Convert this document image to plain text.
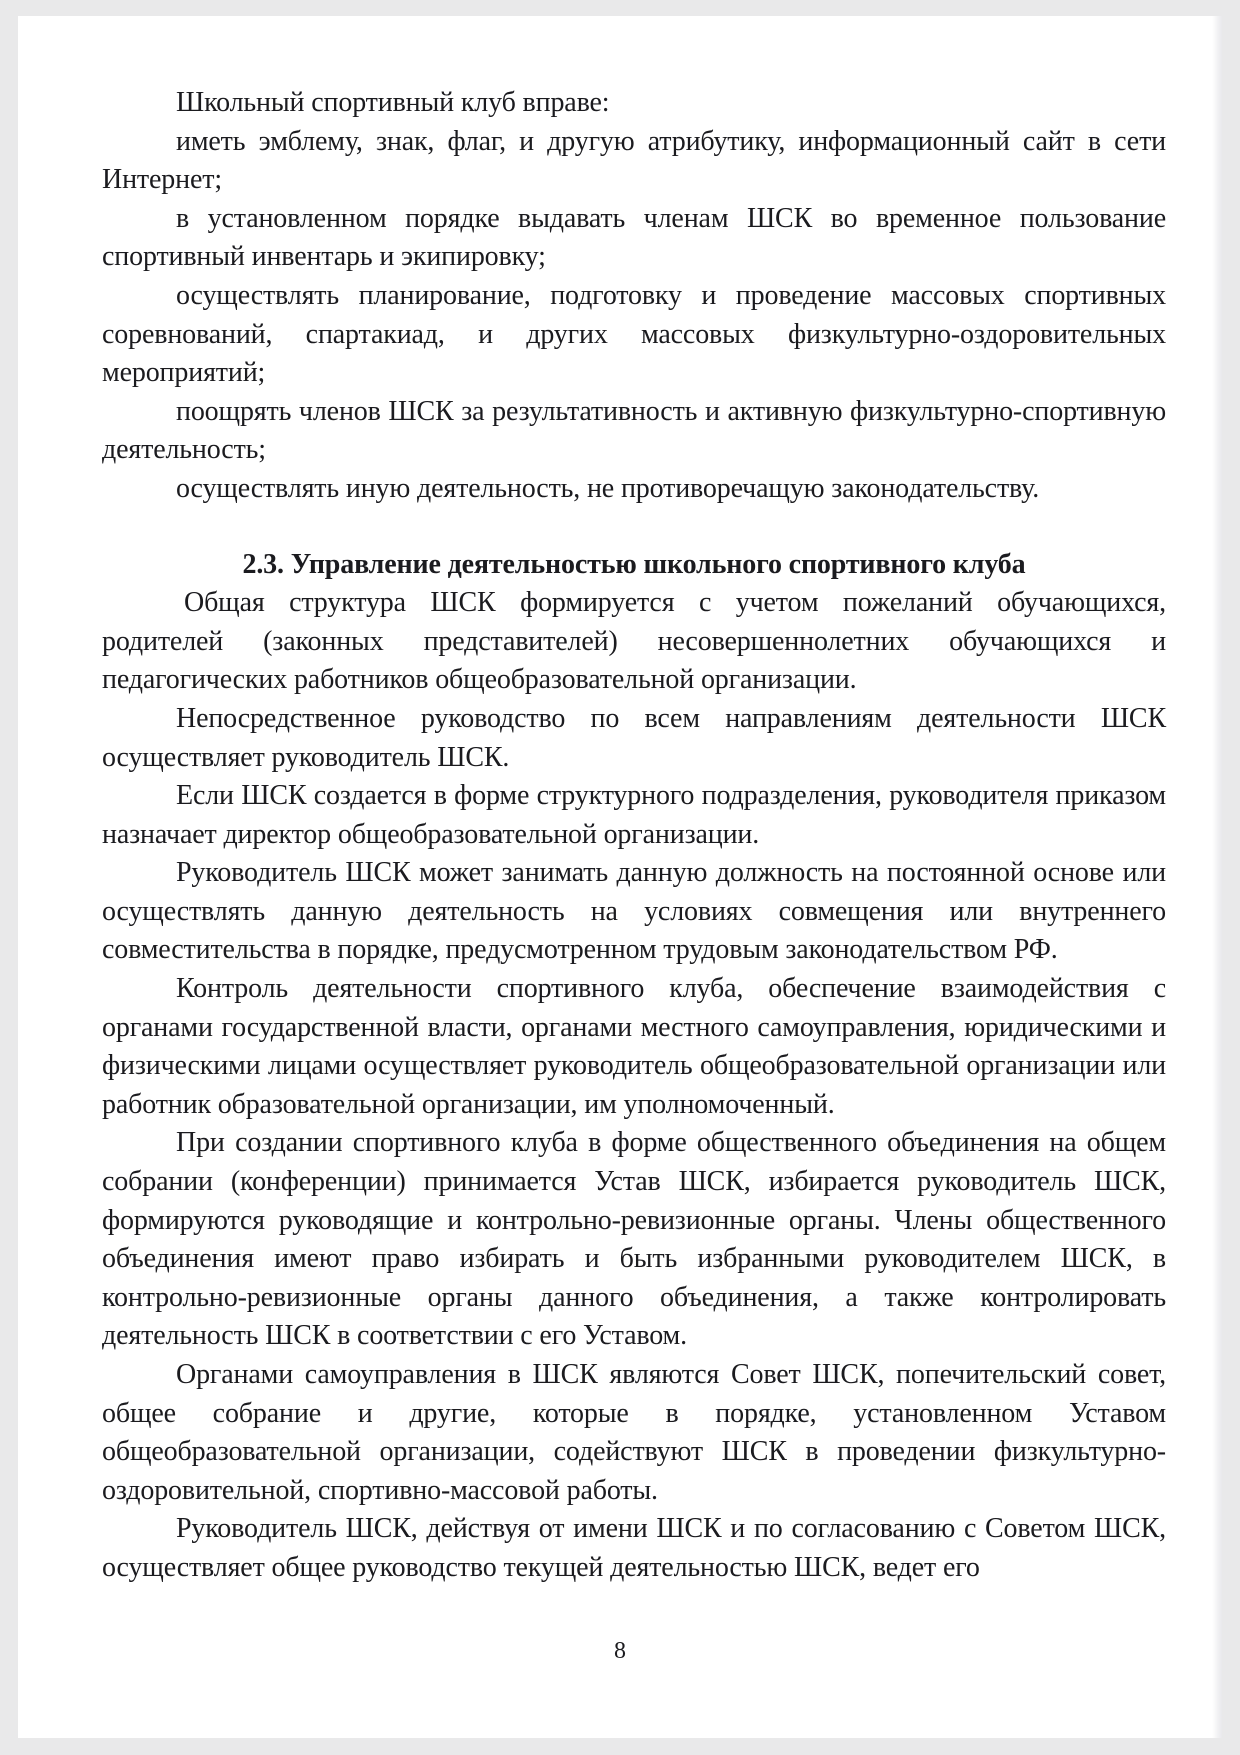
Школьный спортивный клуб вправе:

иметь эмблему, знак, флаг, и другую атрибутику, информационный сайт в сети Интернет;

в установленном порядке выдавать членам ШСК во временное пользование спортивный инвентарь и экипировку;

осуществлять планирование, подготовку и проведение массовых спортивных соревнований, спартакиад, и других массовых физкультурно-оздоровительных мероприятий;

поощрять членов ШСК за результативность и активную физкультурно-спортивную деятельность;

осуществлять иную деятельность, не противоречащую законодательству.

2.3. Управление деятельностью школьного спортивного клуба

Общая структура ШСК формируется с учетом пожеланий обучающихся, родителей (законных представителей) несовершеннолетних обучающихся и педагогических работников общеобразовательной организации.

Непосредственное руководство по всем направлениям деятельности ШСК осуществляет руководитель ШСК.

Если ШСК создается в форме структурного подразделения, руководителя приказом назначает директор общеобразовательной организации.

Руководитель ШСК может занимать данную должность на постоянной основе или осуществлять данную деятельность на условиях совмещения или внутреннего совместительства в порядке, предусмотренном трудовым законодательством РФ.

Контроль деятельности спортивного клуба, обеспечение взаимодействия с органами государственной власти, органами местного самоуправления, юридическими и физическими лицами осуществляет руководитель общеобразовательной организации или работник образовательной организации, им уполномоченный.

При создании спортивного клуба в форме общественного объединения на общем собрании (конференции) принимается Устав ШСК, избирается руководитель ШСК, формируются руководящие и контрольно-ревизионные органы. Члены общественного объединения имеют право избирать и быть избранными руководителем ШСК, в контрольно-ревизионные органы данного объединения, а также контролировать деятельность ШСК в соответствии с его Уставом.

Органами самоуправления в ШСК являются Совет ШСК, попечительский совет, общее собрание и другие, которые в порядке, установленном Уставом общеобразовательной организации, содействуют ШСК в проведении физкультурно-оздоровительной, спортивно-массовой работы.

Руководитель ШСК, действуя от имени ШСК и по согласованию с Советом ШСК, осуществляет общее руководство текущей деятельностью ШСК, ведет его

8
